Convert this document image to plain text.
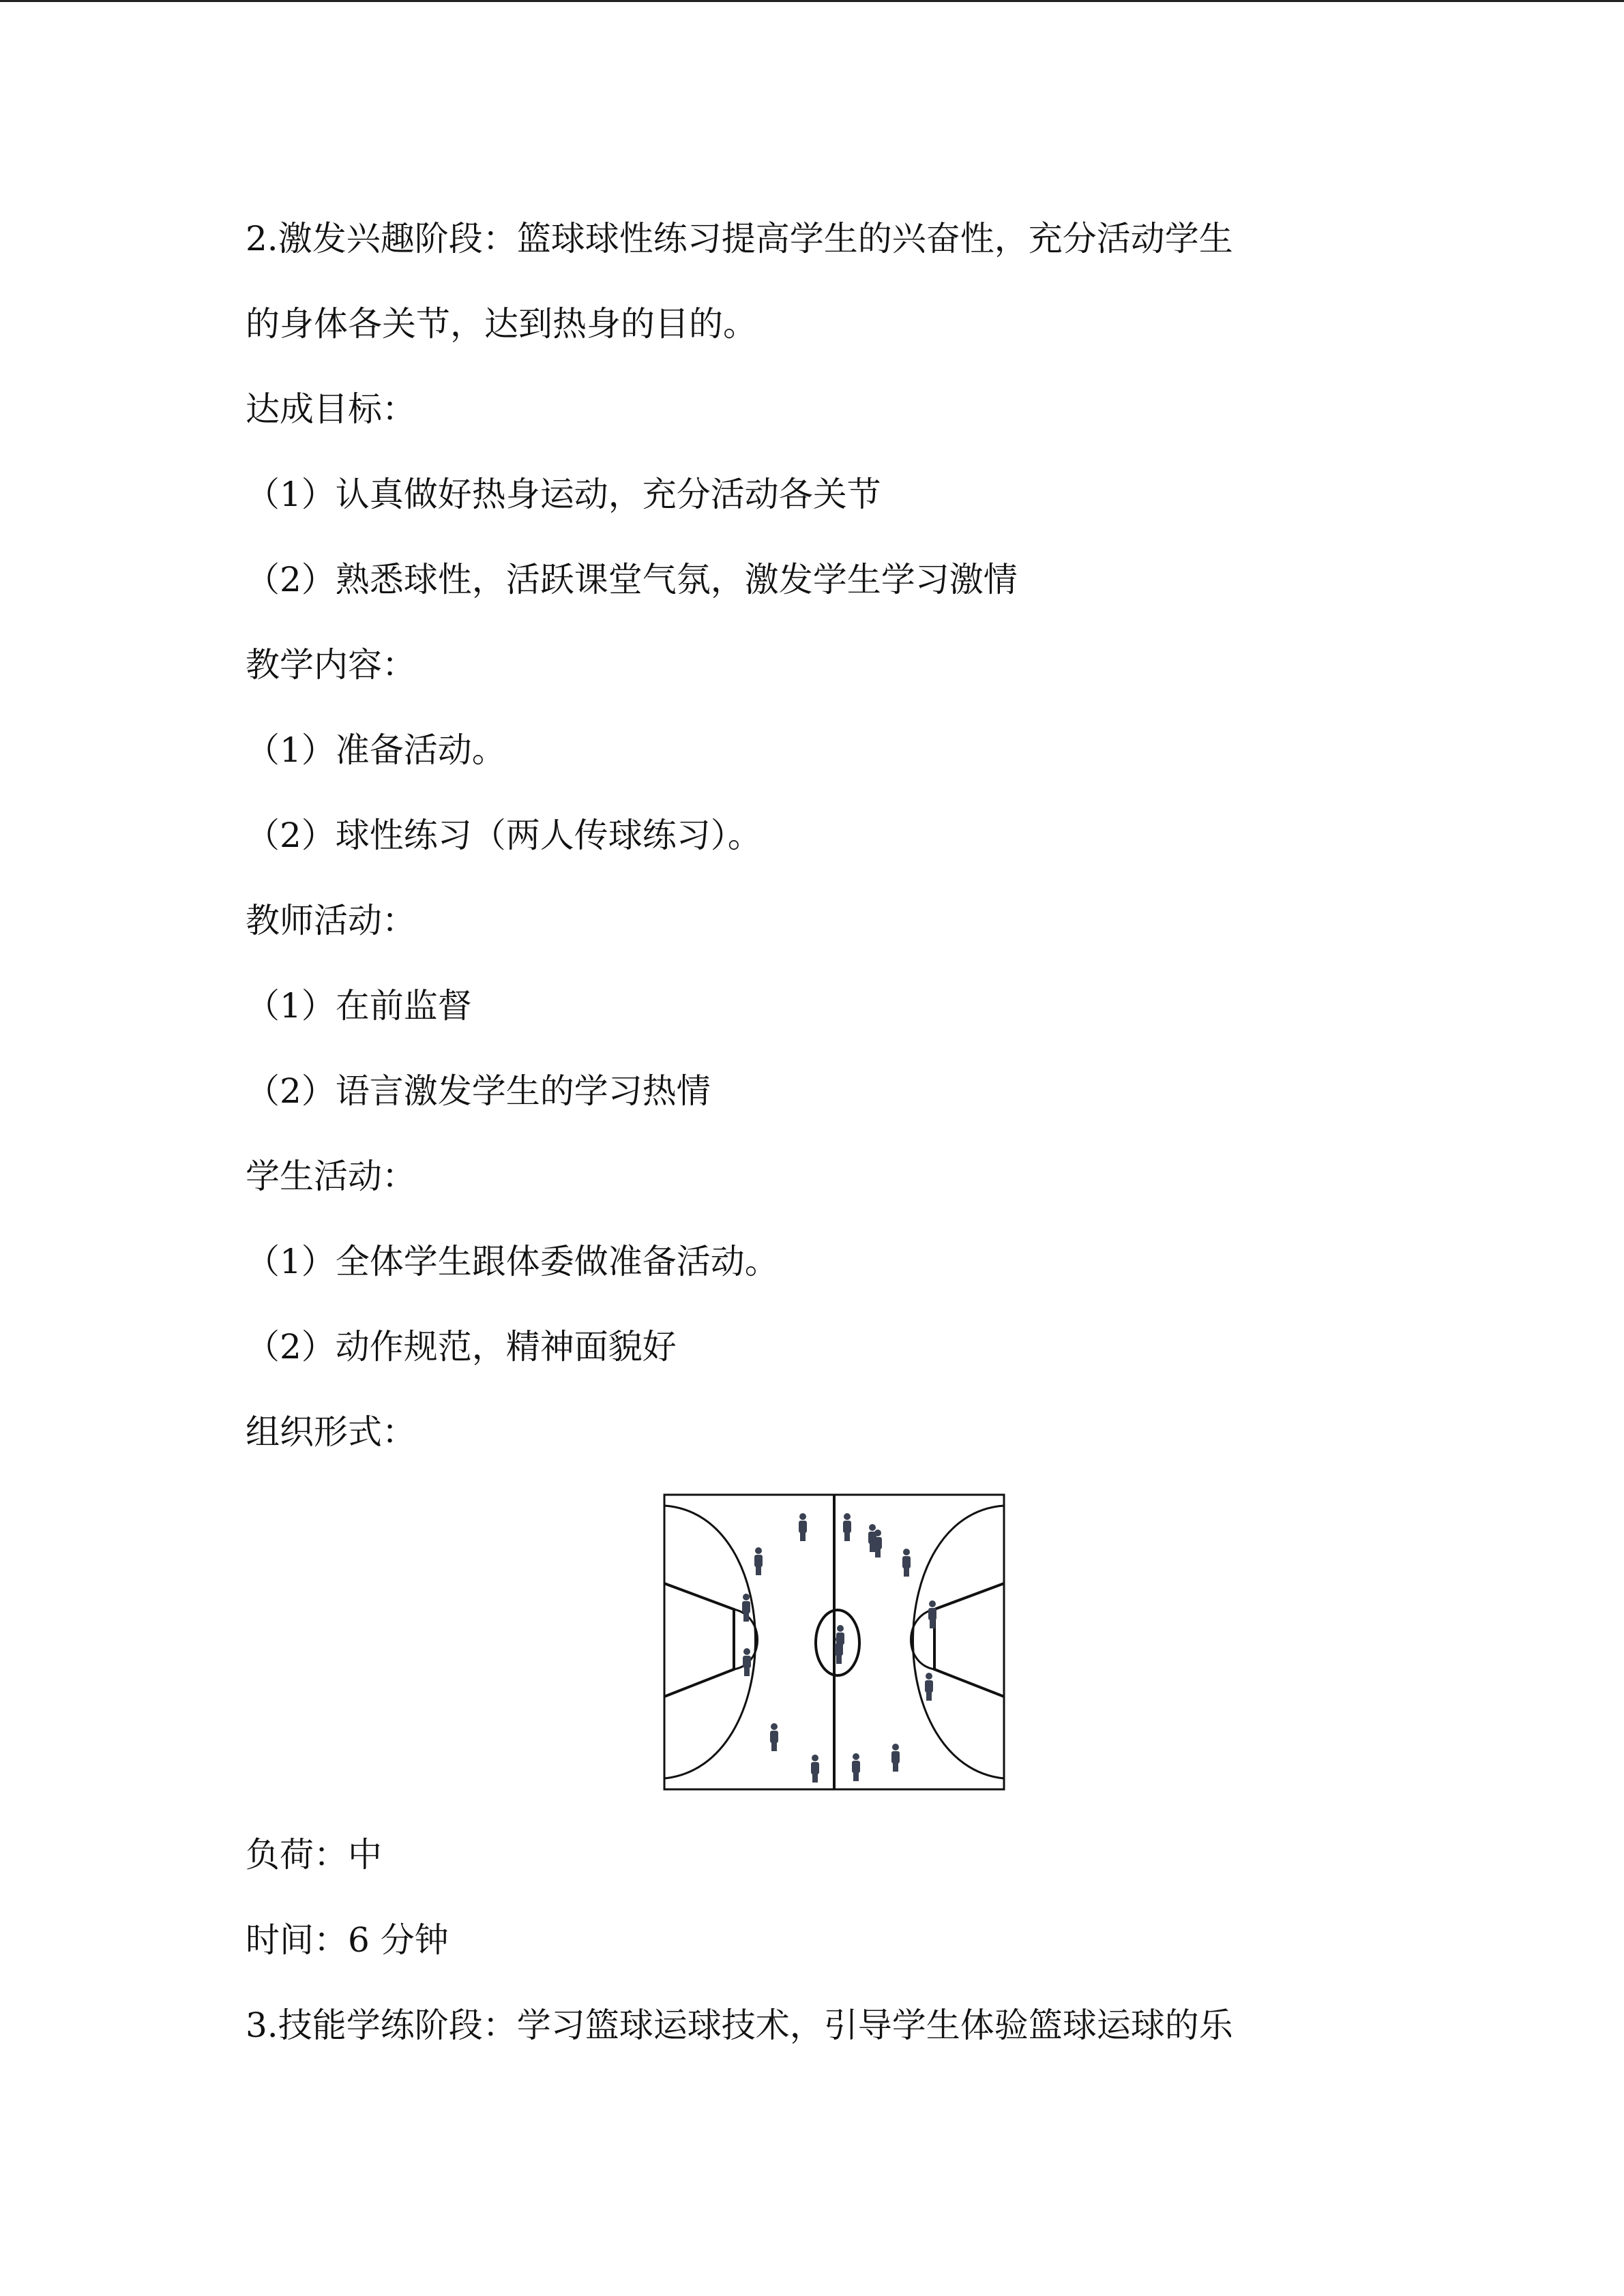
2.激发兴趣阶段：篮球球性练习提高学生的兴奋性，充分活动学生
的身体各关节，达到热身的目的。
达成目标：
（1）认真做好热身运动，充分活动各关节
（2）熟悉球性，活跃课堂气氛，激发学生学习激情
教学内容：
（1）准备活动。
（2）球性练习（两人传球练习）。
教师活动：
（1）在前监督
（2）语言激发学生的学习热情
学生活动：
（1）全体学生跟体委做准备活动。
（2）动作规范，精神面貌好
组织形式：
负荷：中
时间：6 分钟
3.技能学练阶段：学习篮球运球技术，引导学生体验篮球运球的乐
